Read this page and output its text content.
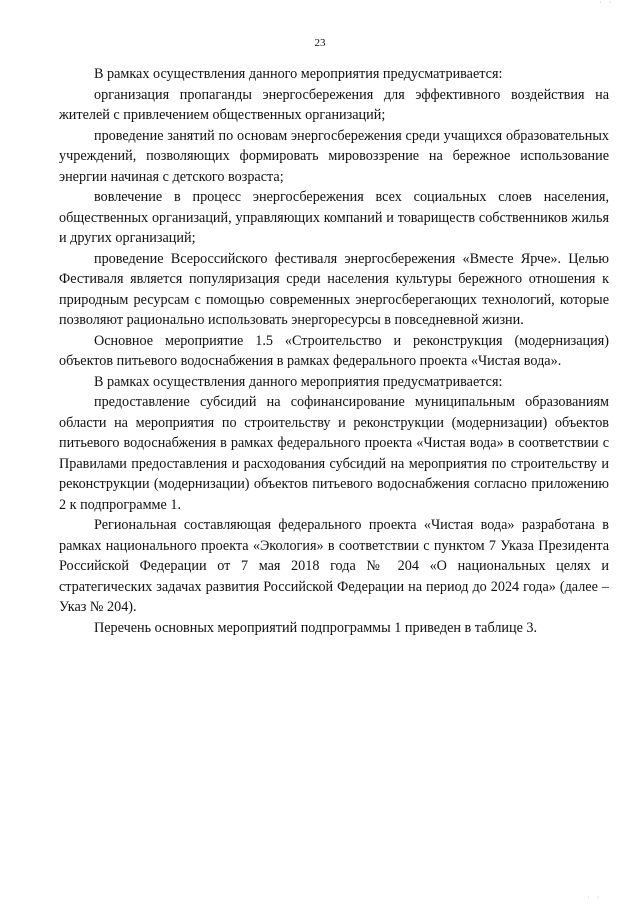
· ·
23

В рамках осуществления данного мероприятия предусматривается:

организация пропаганды энергосбережения для эффективного воздействия на жителей с привлечением общественных организаций;

проведение занятий по основам энергосбережения среди учащихся образовательных учреждений, позволяющих формировать мировоззрение на бережное использование энергии начиная с детского возраста;

вовлечение в процесс энергосбережения всех социальных слоев населения, общественных организаций, управляющих компаний и товариществ собственников жилья и других организаций;

проведение Всероссийского фестиваля энергосбережения «Вместе Ярче». Целью Фестиваля является популяризация среди населения культуры бережного отношения к природным ресурсам с помощью современных энергосберегающих технологий, которые позволяют рационально использовать энергоресурсы в повседневной жизни.

Основное мероприятие 1.5 «Строительство и реконструкция (модернизация) объектов питьевого водоснабжения в рамках федерального проекта «Чистая вода».

В рамках осуществления данного мероприятия предусматривается:

предоставление субсидий на софинансирование муниципальным образованиям области на мероприятия по строительству и реконструкции (модернизации) объектов питьевого водоснабжения в рамках федерального проекта «Чистая вода» в соответствии с Правилами предоставления и расходования субсидий на мероприятия по строительству и реконструкции (модернизации) объектов питьевого водоснабжения согласно приложению 2 к подпрограмме 1.

Региональная составляющая федерального проекта «Чистая вода» разработана в рамках национального проекта «Экология» в соответствии с пунктом 7 Указа Президента Российской Федерации от 7 мая 2018 года № 204 «О национальных целях и стратегических задачах развития Российской Федерации на период до 2024 года» (далее – Указ № 204).

Перечень основных мероприятий подпрограммы 1 приведен в таблице 3.

· ·
